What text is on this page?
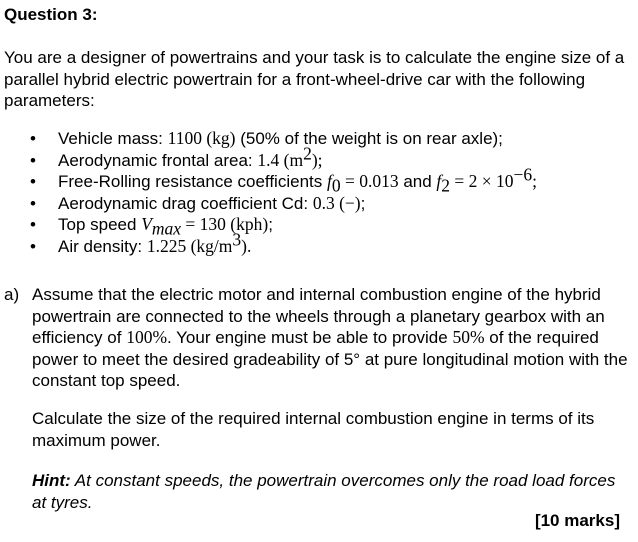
Question 3:
You are a designer of powertrains and your task is to calculate the engine size of a parallel hybrid electric powertrain for a front-wheel-drive car with the following parameters:
• Vehicle mass: 1100 (kg) (50% of the weight is on rear axle);
• Aerodynamic frontal area: 1.4 $(m^2)$;
• Free-Rolling resistance coefficients $f_0 = 0.013$ and $f_2 = 2 \times 10^{-6}$;
• Aerodynamic drag coefficient Cd: 0.3 (−);
• Top speed $V_{max} = 130$ (kph);
• Air density: 1.225 $(kg/m^3)$.
a) Assume that the electric motor and internal combustion engine of the hybrid powertrain are connected to the wheels through a planetary gearbox with an efficiency of 100%. Your engine must be able to provide 50% of the required power to meet the desired gradeability of 5° at pure longitudinal motion with the constant top speed.
Calculate the size of the required internal combustion engine in terms of its maximum power.
Hint: At constant speeds, the powertrain overcomes only the road load forces at tyres.
[10 marks]
